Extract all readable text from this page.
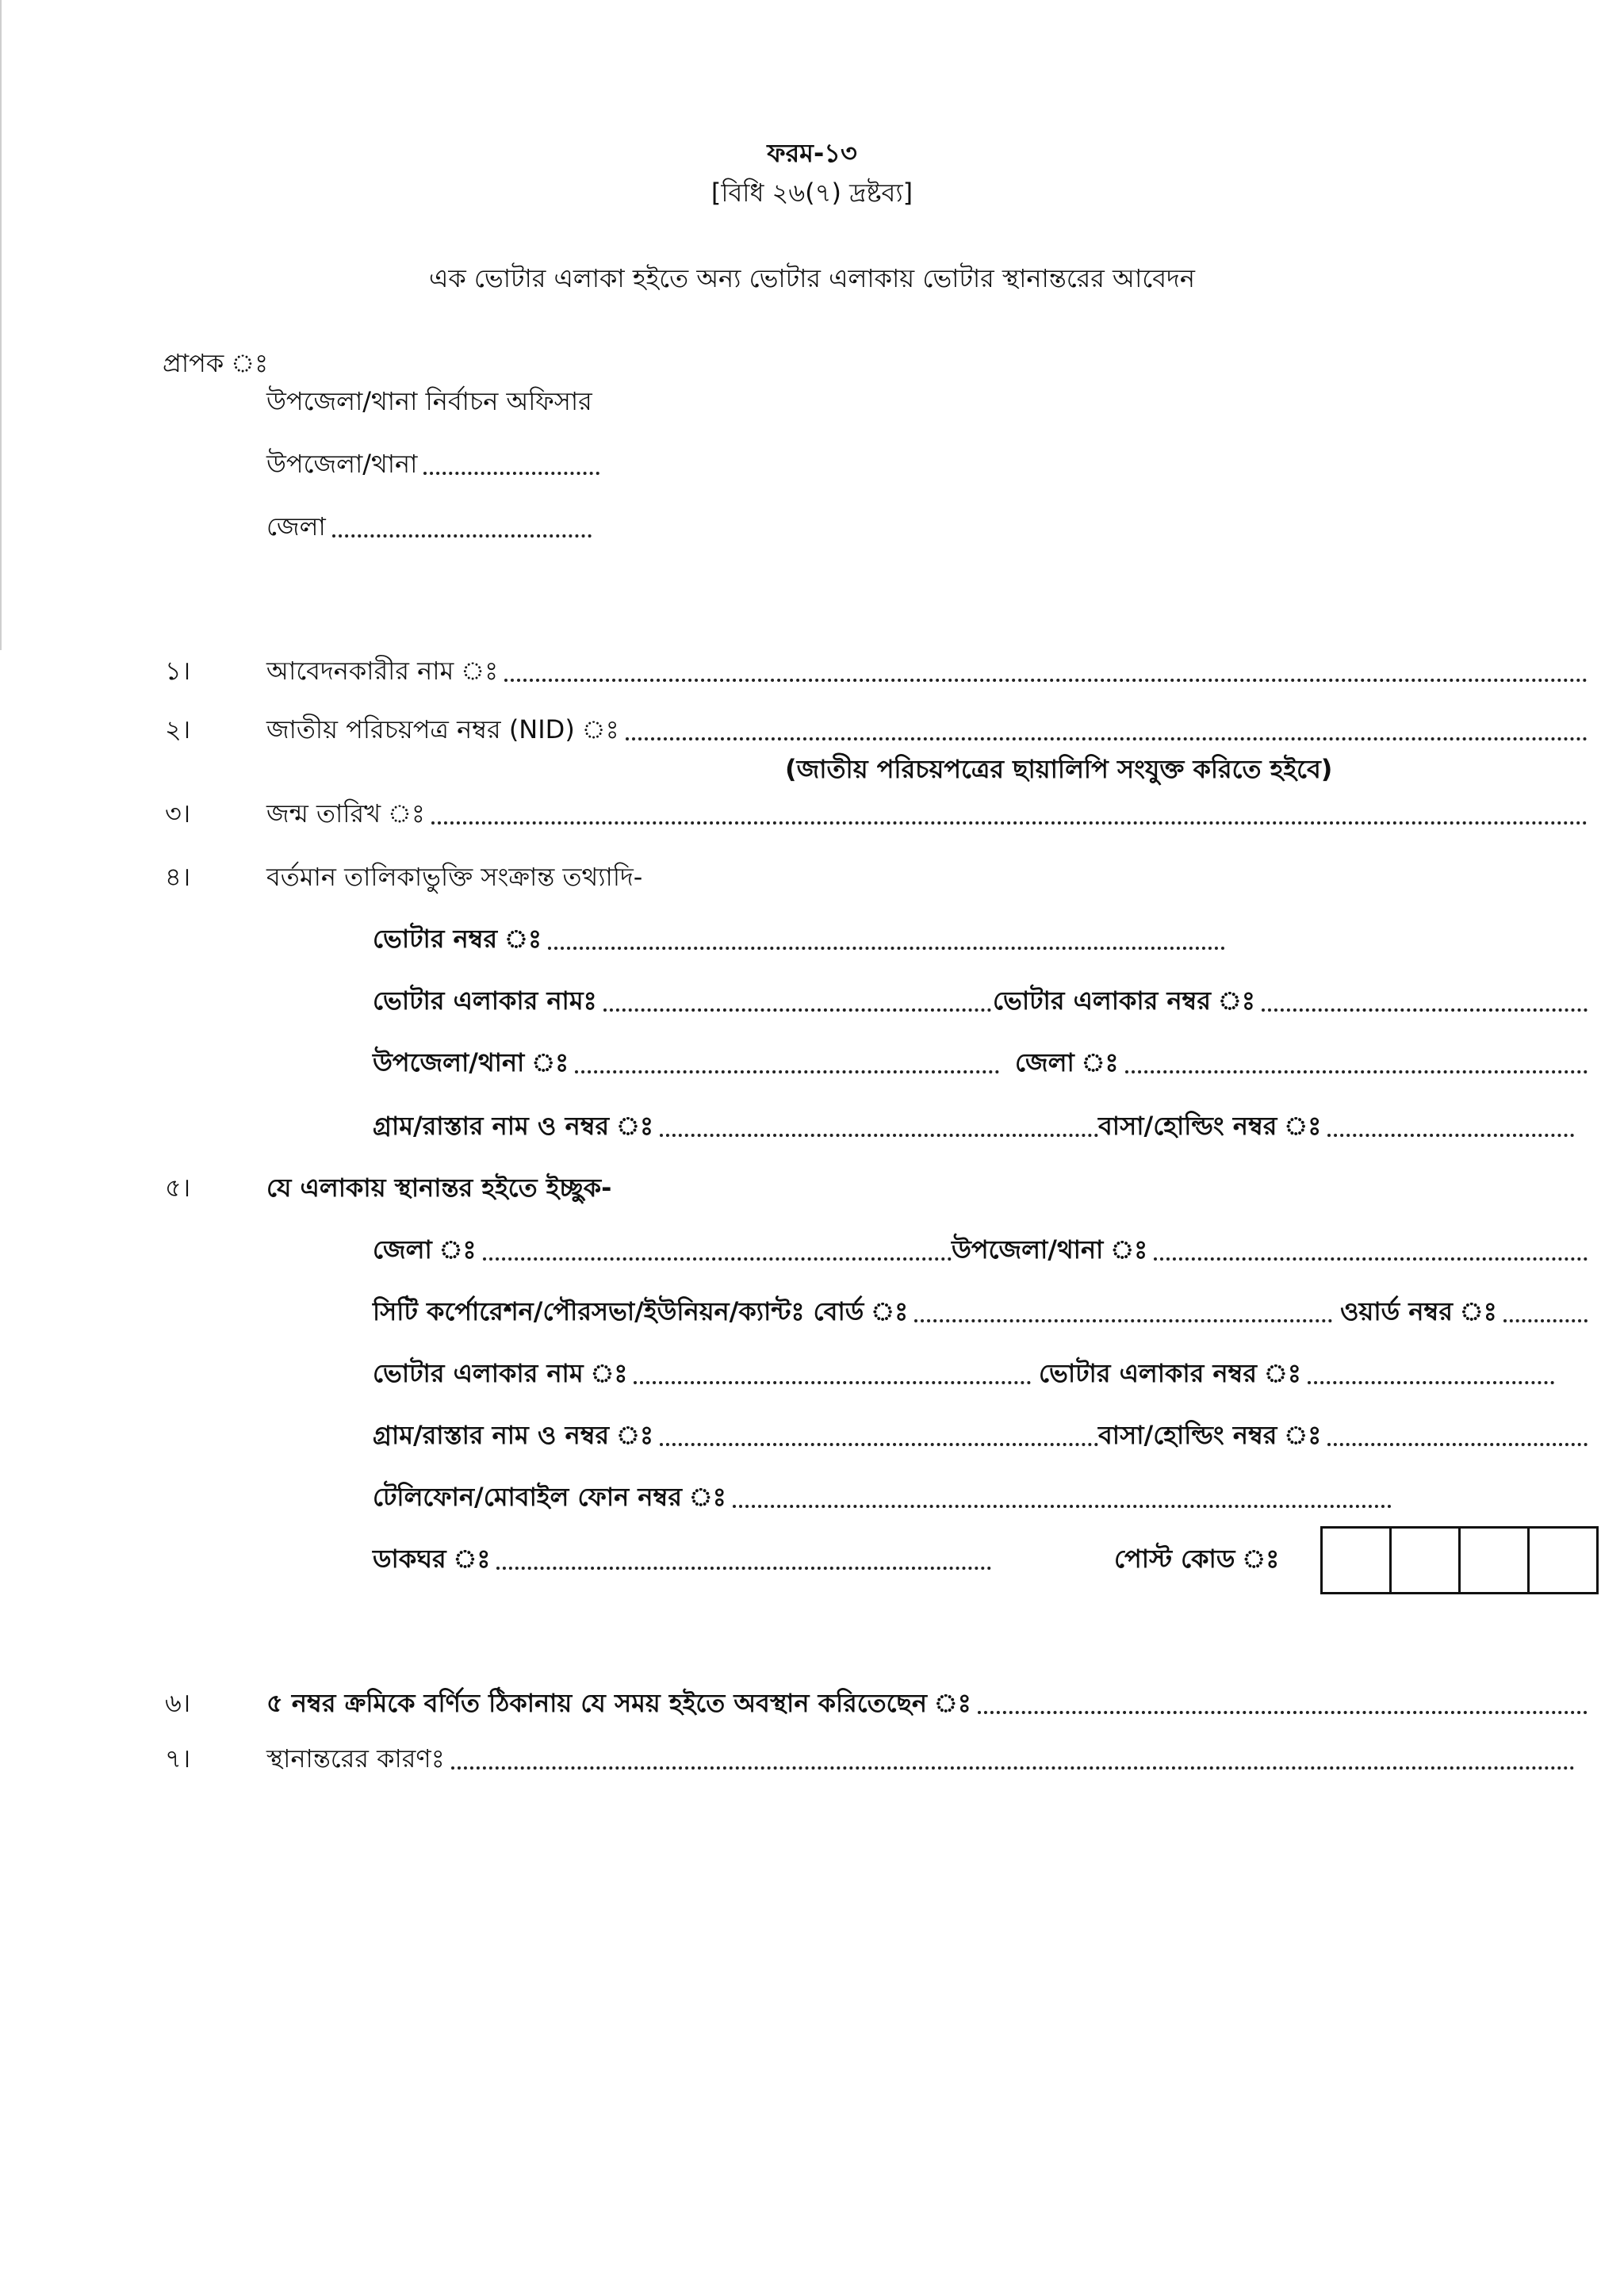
ফরম-১৩
[বিধি ২৬(৭) দ্রষ্টব্য]
এক ভোটার এলাকা হইতে অন্য ভোটার এলাকায় ভোটার স্থানান্তরের আবেদন
প্রাপক ঃ
উপজেলা/থানা নির্বাচন অফিসার
উপজেলা/থানা
জেলা
১।	আবেদনকারীর নাম ঃ
২।	জাতীয় পরিচয়পত্র নম্বর (NID) ঃ
(জাতীয় পরিচয়পত্রের ছায়ালিপি সংযুক্ত করিতে হইবে)
৩।	জন্ম তারিখ ঃ
৪।	বর্তমান তালিকাভুক্তি সংক্রান্ত তথ্যাদি-
ভোটার নম্বর ঃ
ভোটার এলাকার নামঃ	ভোটার এলাকার নম্বর ঃ
উপজেলা/থানা ঃ	জেলা ঃ
গ্রাম/রাস্তার নাম ও নম্বর ঃ	বাসা/হোল্ডিং নম্বর ঃ
৫।	যে এলাকায় স্থানান্তর হইতে ইচ্ছুক-
জেলা ঃ	উপজেলা/থানা ঃ
সিটি কর্পোরেশন/পৌরসভা/ইউনিয়ন/ক্যান্টঃ বোর্ড ঃ	ওয়ার্ড নম্বর ঃ
ভোটার এলাকার নাম ঃ	ভোটার এলাকার নম্বর ঃ
গ্রাম/রাস্তার নাম ও নম্বর ঃ	বাসা/হোল্ডিং নম্বর ঃ
টেলিফোন/মোবাইল ফোন নম্বর ঃ
ডাকঘর ঃ	পোস্ট কোড ঃ
৬।	৫ নম্বর ক্রমিকে বর্ণিত ঠিকানায় যে সময় হইতে অবস্থান করিতেছেন ঃ
৭।	স্থানান্তরের কারণঃ
